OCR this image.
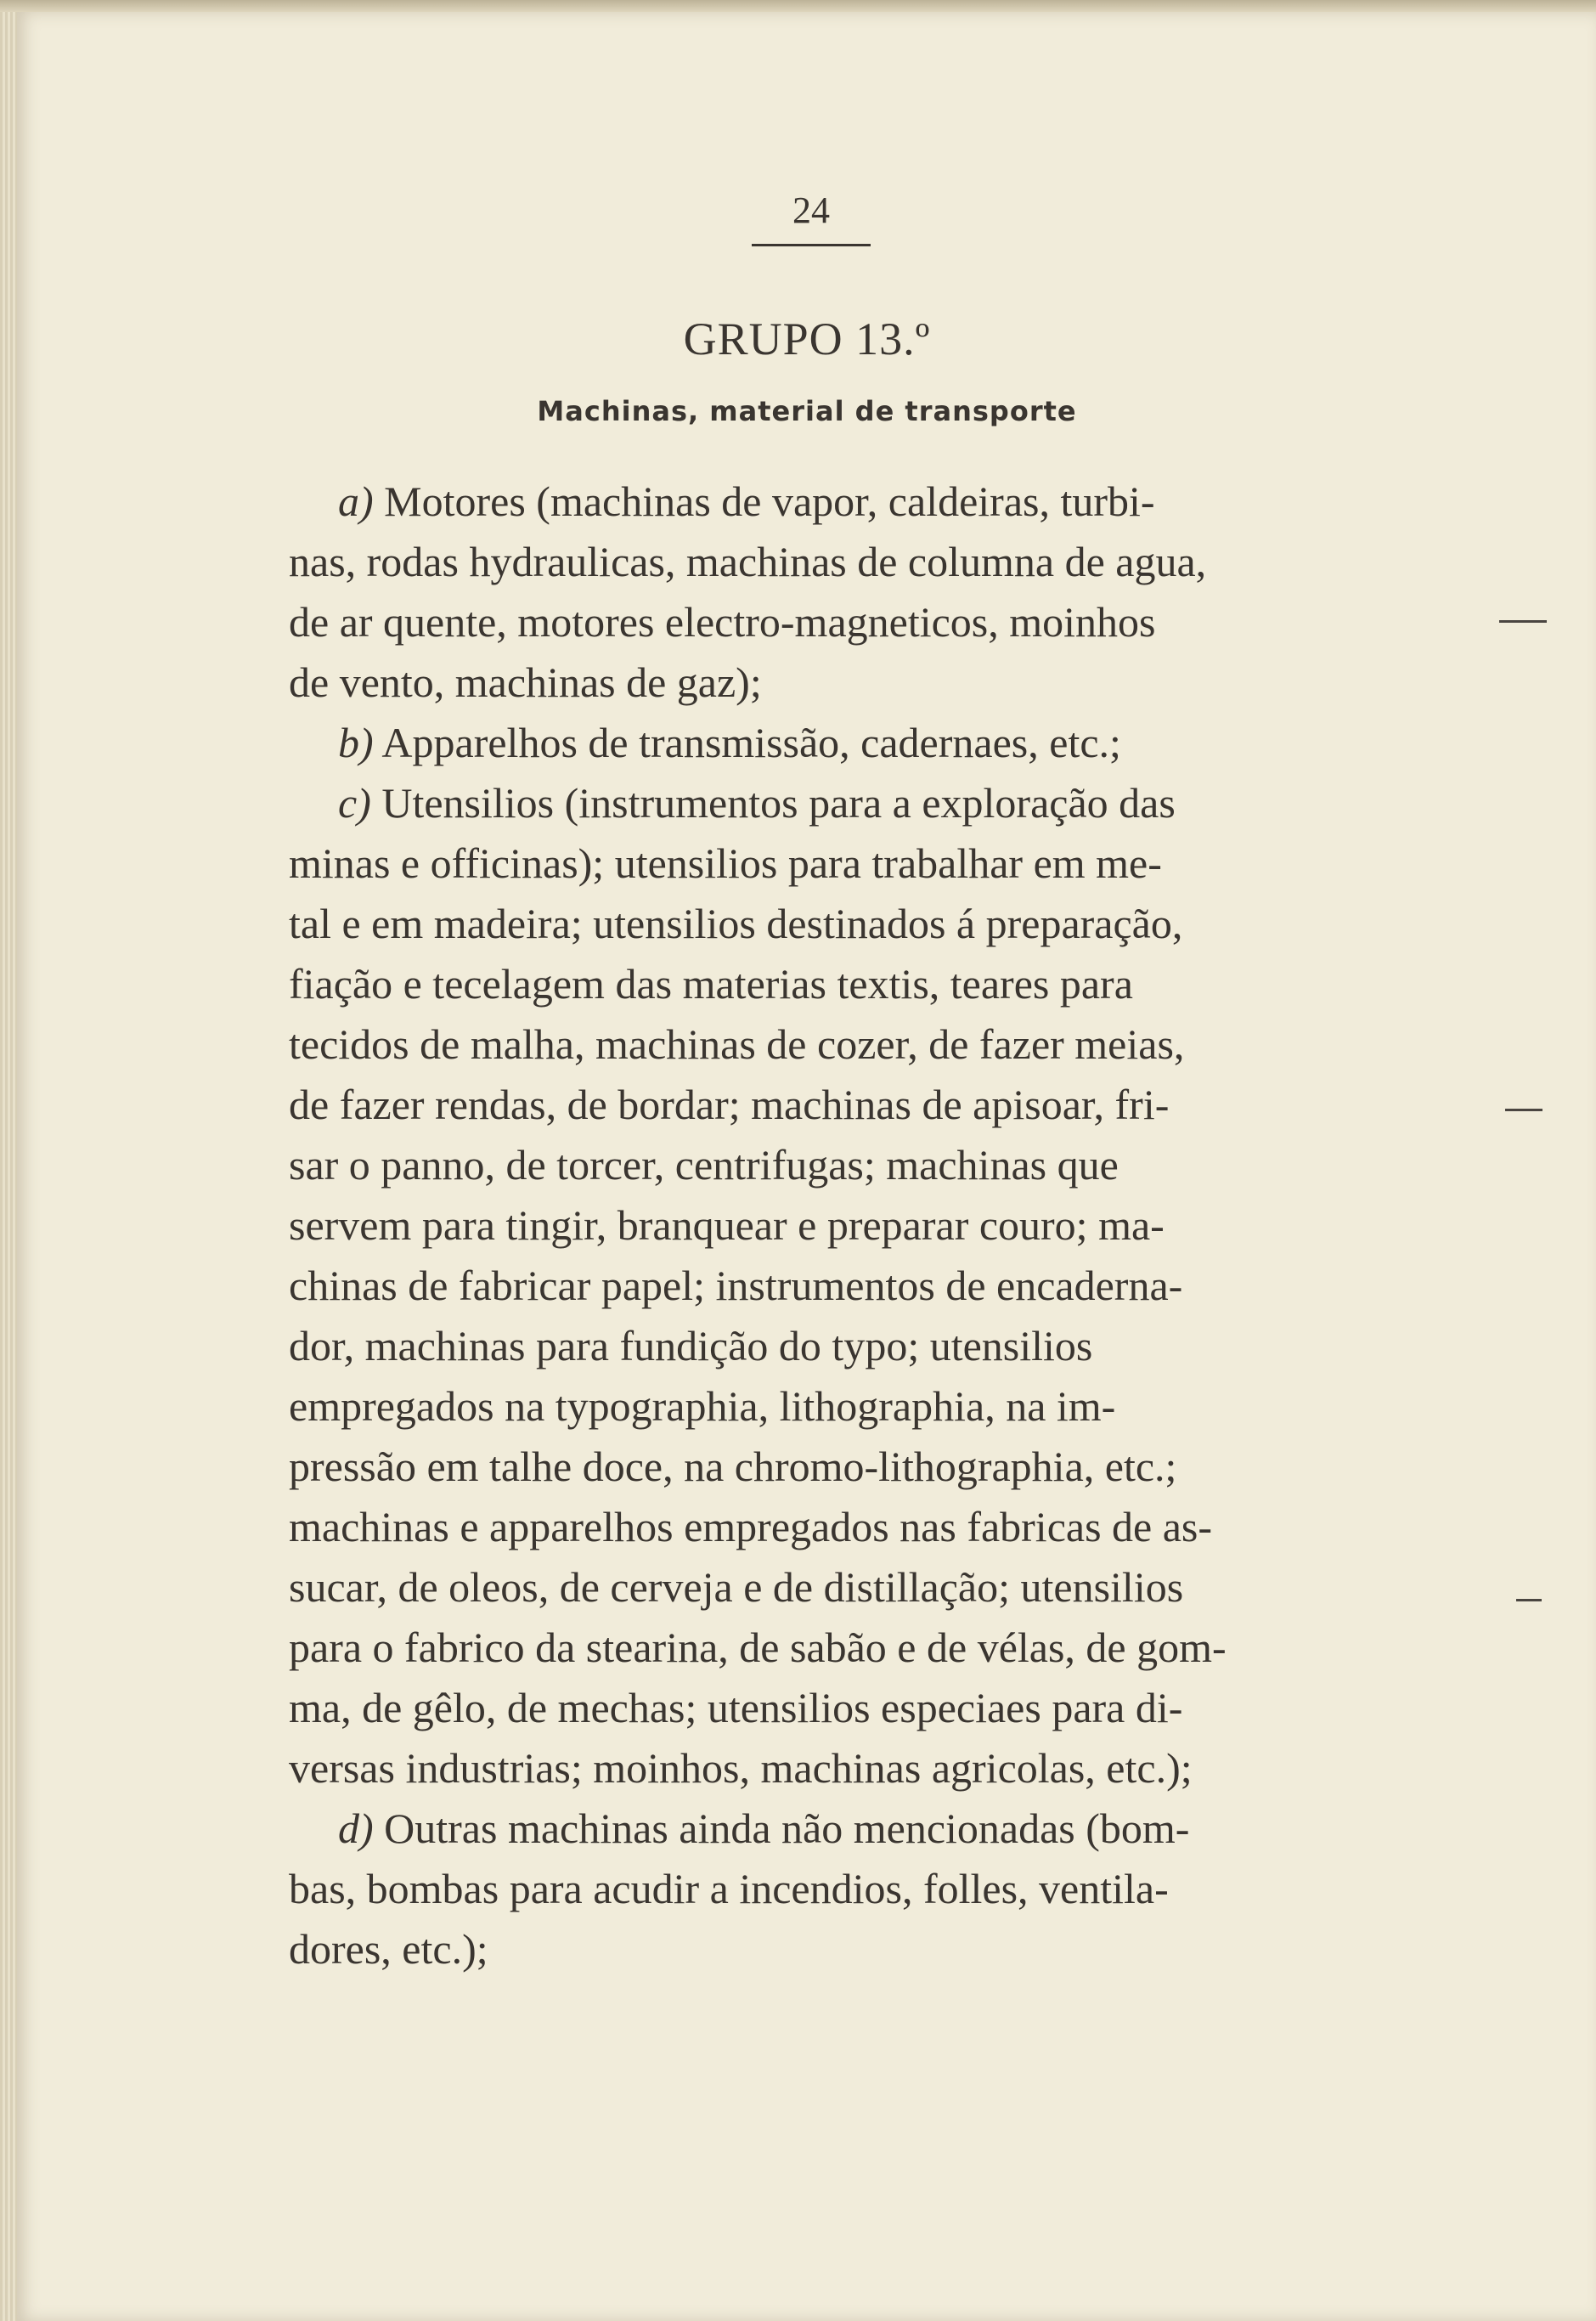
24
GRUPO 13.º
Machinas, material de transporte
a) Motores (machinas de vapor, caldeiras, turbi-
nas, rodas hydraulicas, machinas de columna de agua,
de ar quente, motores electro-magneticos, moinhos
de vento, machinas de gaz);
b) Apparelhos de transmissão, cadernaes, etc.;
c) Utensilios (instrumentos para a exploração das
minas e officinas); utensilios para trabalhar em me-
tal e em madeira; utensilios destinados á preparação,
fiação e tecelagem das materias textis, teares para
tecidos de malha, machinas de cozer, de fazer meias,
de fazer rendas, de bordar; machinas de apisoar, fri-
sar o panno, de torcer, centrifugas; machinas que
servem para tingir, branquear e preparar couro; ma-
chinas de fabricar papel; instrumentos de encaderna-
dor, machinas para fundição do typo; utensilios
empregados na typographia, lithographia, na im-
pressão em talhe doce, na chromo-lithographia, etc.;
machinas e apparelhos empregados nas fabricas de as-
sucar, de oleos, de cerveja e de distillação; utensilios
para o fabrico da stearina, de sabão e de vélas, de gom-
ma, de gêlo, de mechas; utensilios especiaes para di-
versas industrias; moinhos, machinas agricolas, etc.);
d) Outras machinas ainda não mencionadas (bom-
bas, bombas para acudir a incendios, folles, ventila-
dores, etc.);
